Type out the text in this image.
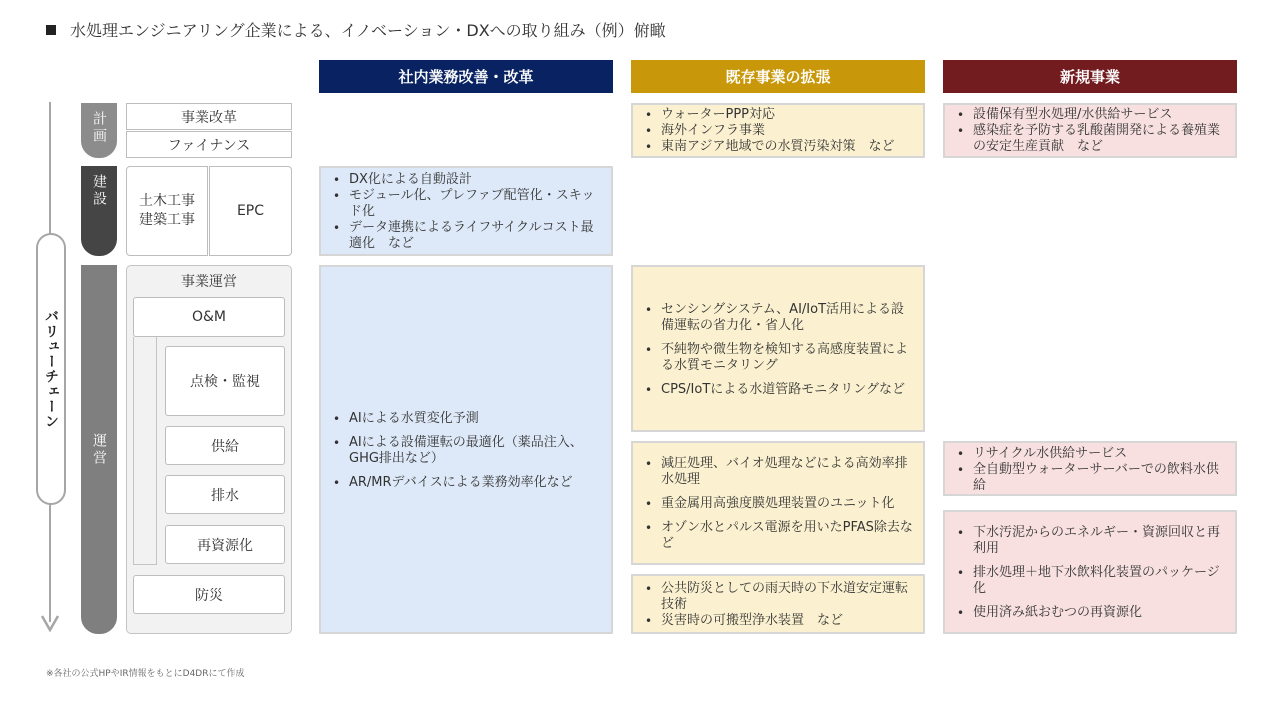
水処理エンジニアリング企業による、イノベーション・DXへの取り組み（例）俯瞰
社内業務改善・改革	既存事業の拡張	新規事業
バリューチェーン
計画
建設
運営
事業改革
ファイナンス
土木工事
建築工事
EPC
事業運営
O&M
点検・監視
供給
排水
再資源化
防災
• DX化による自動設計
• モジュール化、プレファブ配管化・スキッド化
• データ連携によるライフサイクルコスト最適化　など
• AIによる水質変化予測
• AIによる設備運転の最適化（薬品注入、GHG排出など）
• AR/MRデバイスによる業務効率化など
• ウォーターPPP対応
• 海外インフラ事業
• 東南アジア地域での水質汚染対策　など
• センシングシステム、AI/IoT活用による設備運転の省力化・省人化
• 不純物や微生物を検知する高感度装置による水質モニタリング
• CPS/IoTによる水道管路モニタリングなど
• 減圧処理、バイオ処理などによる高効率排水処理
• 重金属用高強度膜処理装置のユニット化
• オゾン水とパルス電源を用いたPFAS除去など
• 公共防災としての雨天時の下水道安定運転技術
• 災害時の可搬型浄水装置　など
• 設備保有型水処理/水供給サービス
• 感染症を予防する乳酸菌開発による養殖業の安定生産貢献　など
• リサイクル水供給サービス
• 全自動型ウォーターサーバーでの飲料水供給
• 下水汚泥からのエネルギー・資源回収と再利用
• 排水処理＋地下水飲料化装置のパッケージ化
• 使用済み紙おむつの再資源化
※各社の公式HPやIR情報をもとにD4DRにて作成
